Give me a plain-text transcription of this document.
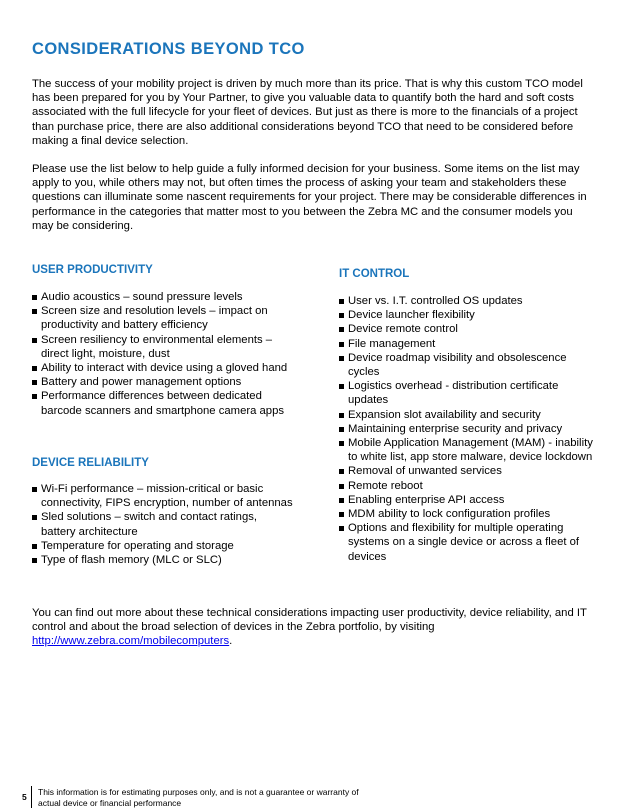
CONSIDERATIONS BEYOND TCO

The success of your mobility project is driven by much more than its price. That is why this custom TCO model has been prepared for you by Your Partner, to give you valuable data to quantify both the hard and soft costs associated with the full lifecycle for your fleet of devices. But just as there is more to the financials of a project than purchase price, there are also additional considerations beyond TCO that need to be considered before making a final device selection.

Please use the list below to help guide a fully informed decision for your business. Some items on the list may apply to you, while others may not, but often times the process of asking your team and stakeholders these questions can illuminate some nascent requirements for your project. There may be considerable differences in performance in the categories that matter most to you between the Zebra MC and the consumer models you may be considering.

USER PRODUCTIVITY
Audio acoustics – sound pressure levels
Screen size and resolution levels – impact on productivity and battery efficiency
Screen resiliency to environmental elements – direct light, moisture, dust
Ability to interact with device using a gloved hand
Battery and power management options
Performance differences between dedicated barcode scanners and smartphone camera apps
DEVICE RELIABILITY
Wi-Fi performance – mission-critical or basic connectivity, FIPS encryption, number of antennas
Sled solutions – switch and contact ratings, battery architecture
Temperature for operating and storage
Type of flash memory (MLC or SLC)
IT CONTROL
User vs. I.T. controlled OS updates
Device launcher flexibility
Device remote control
File management
Device roadmap visibility and obsolescence cycles
Logistics overhead - distribution certificate updates
Expansion slot availability and security
Maintaining enterprise security and privacy
Mobile Application Management (MAM) - inability to white list, app store malware, device lockdown
Removal of unwanted services
Remote reboot
Enabling enterprise API access
MDM ability to lock configuration profiles
Options and flexibility for multiple operating systems on a single device or across a fleet of devices

You can find out more about these technical considerations impacting user productivity, device reliability, and IT control and about the broad selection of devices in the Zebra portfolio, by visiting http://www.zebra.com/mobilecomputers.

5 This information is for estimating purposes only, and is not a guarantee or warranty of actual device or financial performance
